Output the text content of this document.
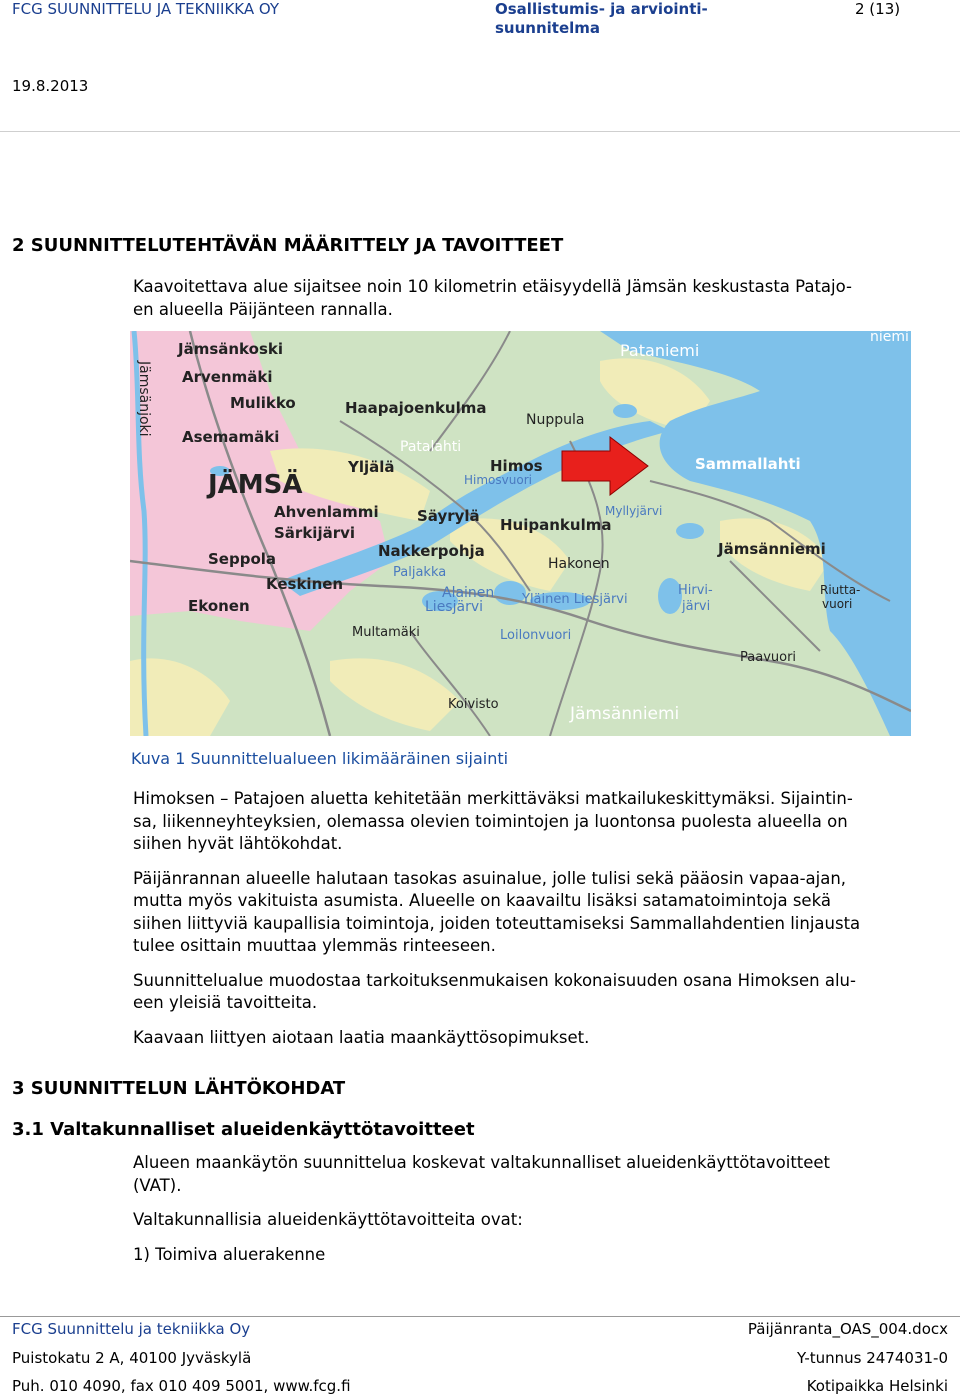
FCG SUUNNITTELU JA TEKNIIKKA OY	Osallistumis- ja arviointi-
suunnitelma
2 (13)
19.8.2013
2 SUUNNITTELUTEHTÄVÄN MÄÄRITTELY JA TAVOITTEET
Kaavoitettava alue sijaitsee noin 10 kilometrin etäisyydellä Jämsän keskustasta Patajo-
en alueella Päijänteen rannalla.
Jämsänkoski
Arvenmäki
Mulikko
Asemamäki
Jämsänjoki
JÄMSÄ
Haapajoenkulma
Patalahti
Nuppula
Pataniemi
niemi
Yljälä	Himos
Himosvuori
Sammallahti
Ahvenlammi
Särkijärvi
Säyrylä Huipankulma
Myllyjärvi
Seppola	Nakkerpohja
Paljakka
Hakonen
Jämsänniemi
Keskinen	Alainen
Liesjärvi	Yläinen Liesjärvi
Hirvi-
järvi
Riutta-
vuori
Ekonen
Loilonvuori
Multamäki
Paavuori
Koivisto	Jämsänniemi
Kuva 1 Suunnittelualueen likimääräinen sijainti
Himoksen – Patajoen aluetta kehitetään merkittäväksi matkailukeskittymäksi. Sijaintin-
sa, liikenneyhteyksien, olemassa olevien toimintojen ja luontonsa puolesta alueella on
siihen hyvät lähtökohdat.
Päijänrannan alueelle halutaan tasokas asuinalue, jolle tulisi sekä pääosin vapaa-ajan,
mutta myös vakituista asumista. Alueelle on kaavailtu lisäksi satamatoimintoja sekä
siihen liittyviä kaupallisia toimintoja, joiden toteuttamiseksi Sammallahdentien linjausta
tulee osittain muuttaa ylemmäs rinteeseen.
Suunnittelualue muodostaa tarkoituksenmukaisen kokonaisuuden osana Himoksen alu-
een yleisiä tavoitteita.
Kaavaan liittyen aiotaan laatia maankäyttösopimukset.
3 SUUNNITTELUN LÄHTÖKOHDAT
3.1 Valtakunnalliset alueidenkäyttötavoitteet
Alueen maankäytön suunnittelua koskevat valtakunnalliset alueidenkäyttötavoitteet
(VAT).
Valtakunnallisia alueidenkäyttötavoitteita ovat:
1) Toimiva aluerakenne
FCG Suunnittelu ja tekniikka Oy	Päijänranta_OAS_004.docx
Puistokatu 2 A, 40100 Jyväskylä	Y-tunnus 2474031-0
Puh. 010 4090, fax 010 409 5001, www.fcg.fi	Kotipaikka Helsinki
